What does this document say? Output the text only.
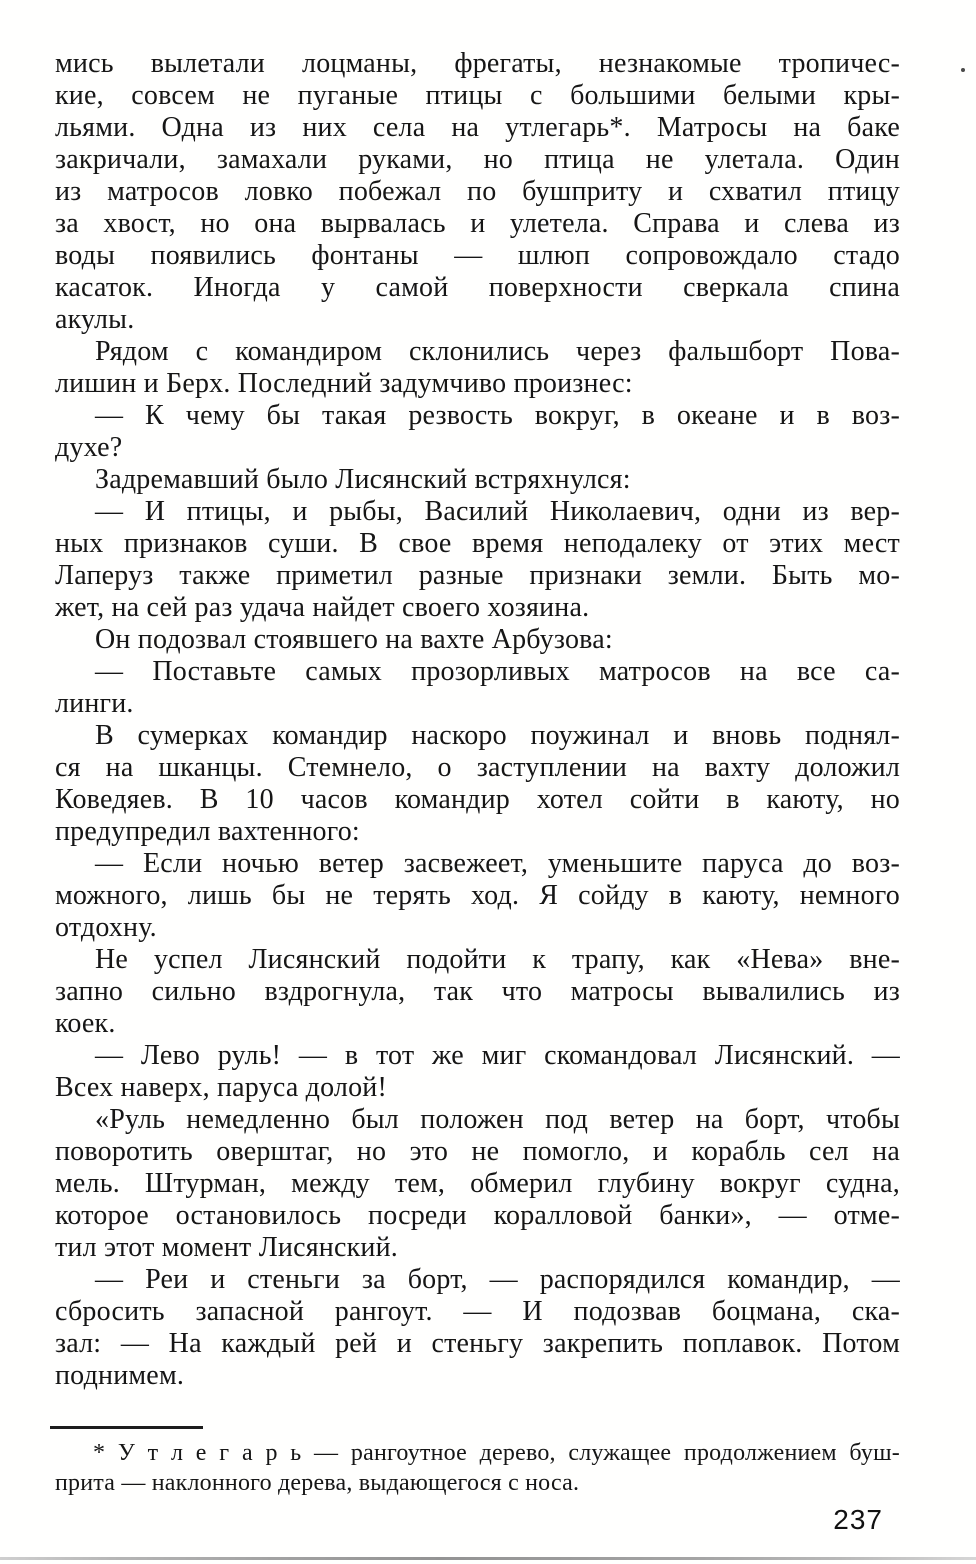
мись вылетали лоцманы, фрегаты, незнакомые тропичес-
кие, совсем не пуганые птицы с большими белыми кры-
льями. Одна из них села на утлегарь*. Матросы на баке
закричали, замахали руками, но птица не улетала. Один
из матросов ловко побежал по бушприту и схватил птицу
за хвост, но она вырвалась и улетела. Справа и слева из
воды появились фонтаны — шлюп сопровождало стадо
касаток. Иногда у самой поверхности сверкала спина
акулы.
Рядом с командиром склонились через фальшборт Пова-
лишин и Берх. Последний задумчиво произнес:
— К чему бы такая резвость вокруг, в океане и в воз-
духе?
Задремавший было Лисянский встряхнулся:
— И птицы, и рыбы, Василий Николаевич, одни из вер-
ных признаков суши. В свое время неподалеку от этих мест
Лаперуз также приметил разные признаки земли. Быть мо-
жет, на сей раз удача найдет своего хозяина.
Он подозвал стоявшего на вахте Арбузова:
— Поставьте самых прозорливых матросов на все са-
линги.
В сумерках командир наскоро поужинал и вновь поднял-
ся на шканцы. Стемнело, о заступлении на вахту доложил
Коведяев. В 10 часов командир хотел сойти в каюту, но
предупредил вахтенного:
— Если ночью ветер засвежеет, уменьшите паруса до воз-
можного, лишь бы не терять ход. Я сойду в каюту, немного
отдохну.
Не успел Лисянский подойти к трапу, как «Нева» вне-
запно сильно вздрогнула, так что матросы вывалились из
коек.
— Лево руль! — в тот же миг скомандовал Лисянский. —
Всех наверх, паруса долой!
«Руль немедленно был положен под ветер на борт, чтобы
поворотить оверштаг, но это не помогло, и корабль сел на
мель. Штурман, между тем, обмерил глубину вокруг судна,
которое остановилось посреди коралловой банки», — отме-
тил этот момент Лисянский.
— Реи и стеньги за борт, — распорядился командир, —
сбросить запасной рангоут. — И подозвав боцмана, ска-
зал: — На каждый рей и стеньгу закрепить поплавок. Потом
поднимем.
* У т л е г а р ь — рангоутное дерево, служащее продолжением буш-
прита — наклонного дерева, выдающегося с носа.
237
